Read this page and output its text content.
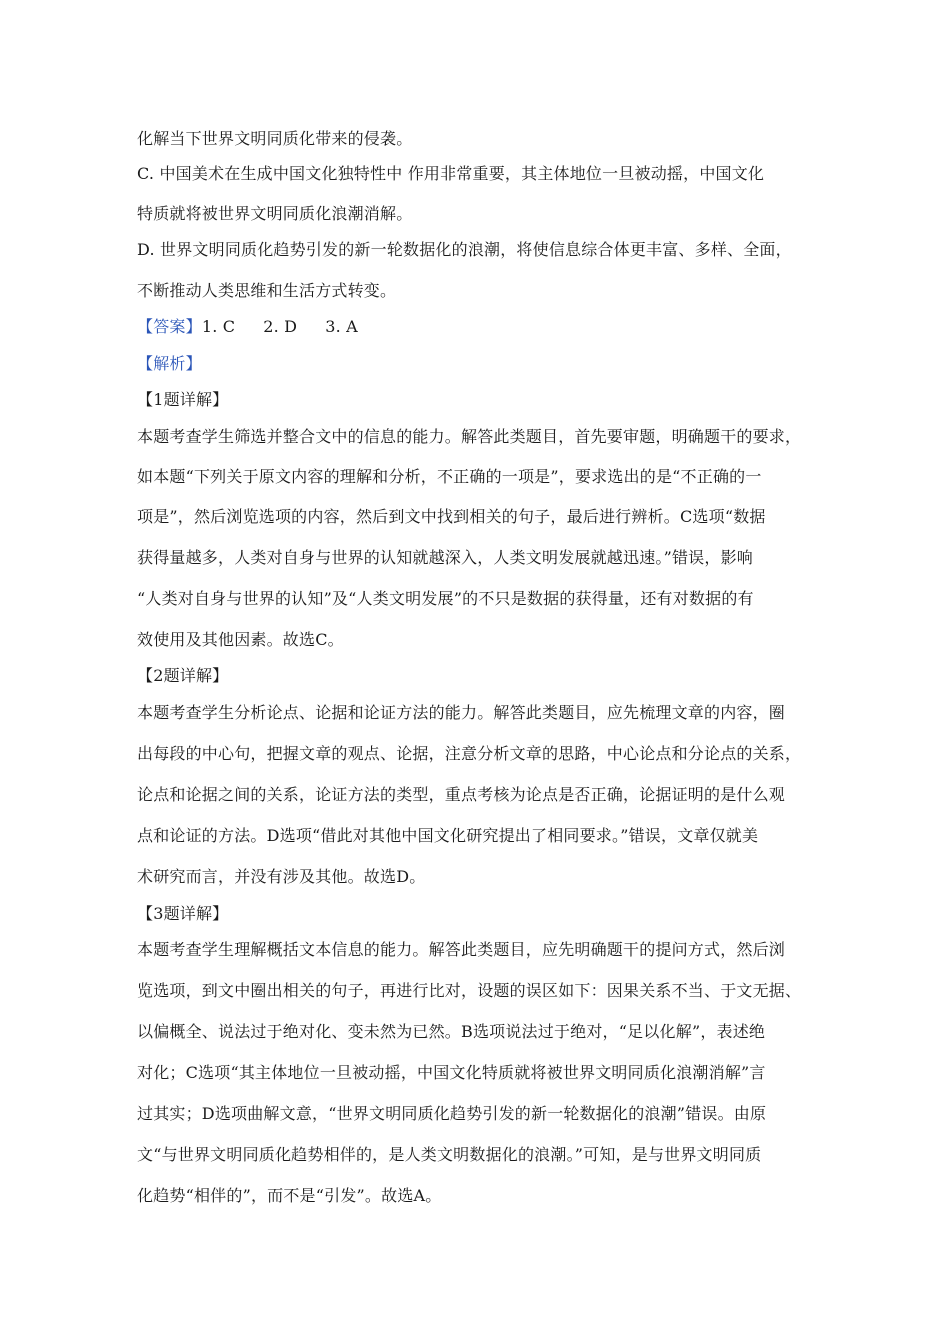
化解当下世界文明同质化带来的侵袭。
C. 中国美术在生成中国文化独特性中 作用非常重要，其主体地位一旦被动摇，中国文化
特质就将被世界文明同质化浪潮消解。
D. 世界文明同质化趋势引发的新一轮数据化的浪潮，将使信息综合体更丰富、多样、全面，
不断推动人类思维和生活方式转变。
【答案】1. C 2. D 3. A
【解析】
【1题详解】
本题考查学生筛选并整合文中的信息的能力。解答此类题目，首先要审题，明确题干的要求，
如本题“下列关于原文内容的理解和分析，不正确的一项是”，要求选出的是“不正确的一
项是”，然后浏览选项的内容，然后到文中找到相关的句子，最后进行辨析。C选项“数据
获得量越多，人类对自身与世界的认知就越深入，人类文明发展就越迅速。”错误，影响
“人类对自身与世界的认知”及“人类文明发展”的不只是数据的获得量，还有对数据的有
效使用及其他因素。故选C。
【2题详解】
本题考查学生分析论点、论据和论证方法的能力。解答此类题目，应先梳理文章的内容，圈
出每段的中心句，把握文章的观点、论据，注意分析文章的思路，中心论点和分论点的关系，
论点和论据之间的关系，论证方法的类型，重点考核为论点是否正确，论据证明的是什么观
点和论证的方法。D选项“借此对其他中国文化研究提出了相同要求。”错误，文章仅就美
术研究而言，并没有涉及其他。故选D。
【3题详解】
本题考查学生理解概括文本信息的能力。解答此类题目，应先明确题干的提问方式，然后浏
览选项，到文中圈出相关的句子，再进行比对，设题的误区如下：因果关系不当、于文无据、
以偏概全、说法过于绝对化、变未然为已然。B选项说法过于绝对，“足以化解”，表述绝
对化；C选项“其主体地位一旦被动摇，中国文化特质就将被世界文明同质化浪潮消解”言
过其实；D选项曲解文意，“世界文明同质化趋势引发的新一轮数据化的浪潮”错误。由原
文“与世界文明同质化趋势相伴的，是人类文明数据化的浪潮。”可知，是与世界文明同质
化趋势“相伴的”，而不是“引发”。故选A。
